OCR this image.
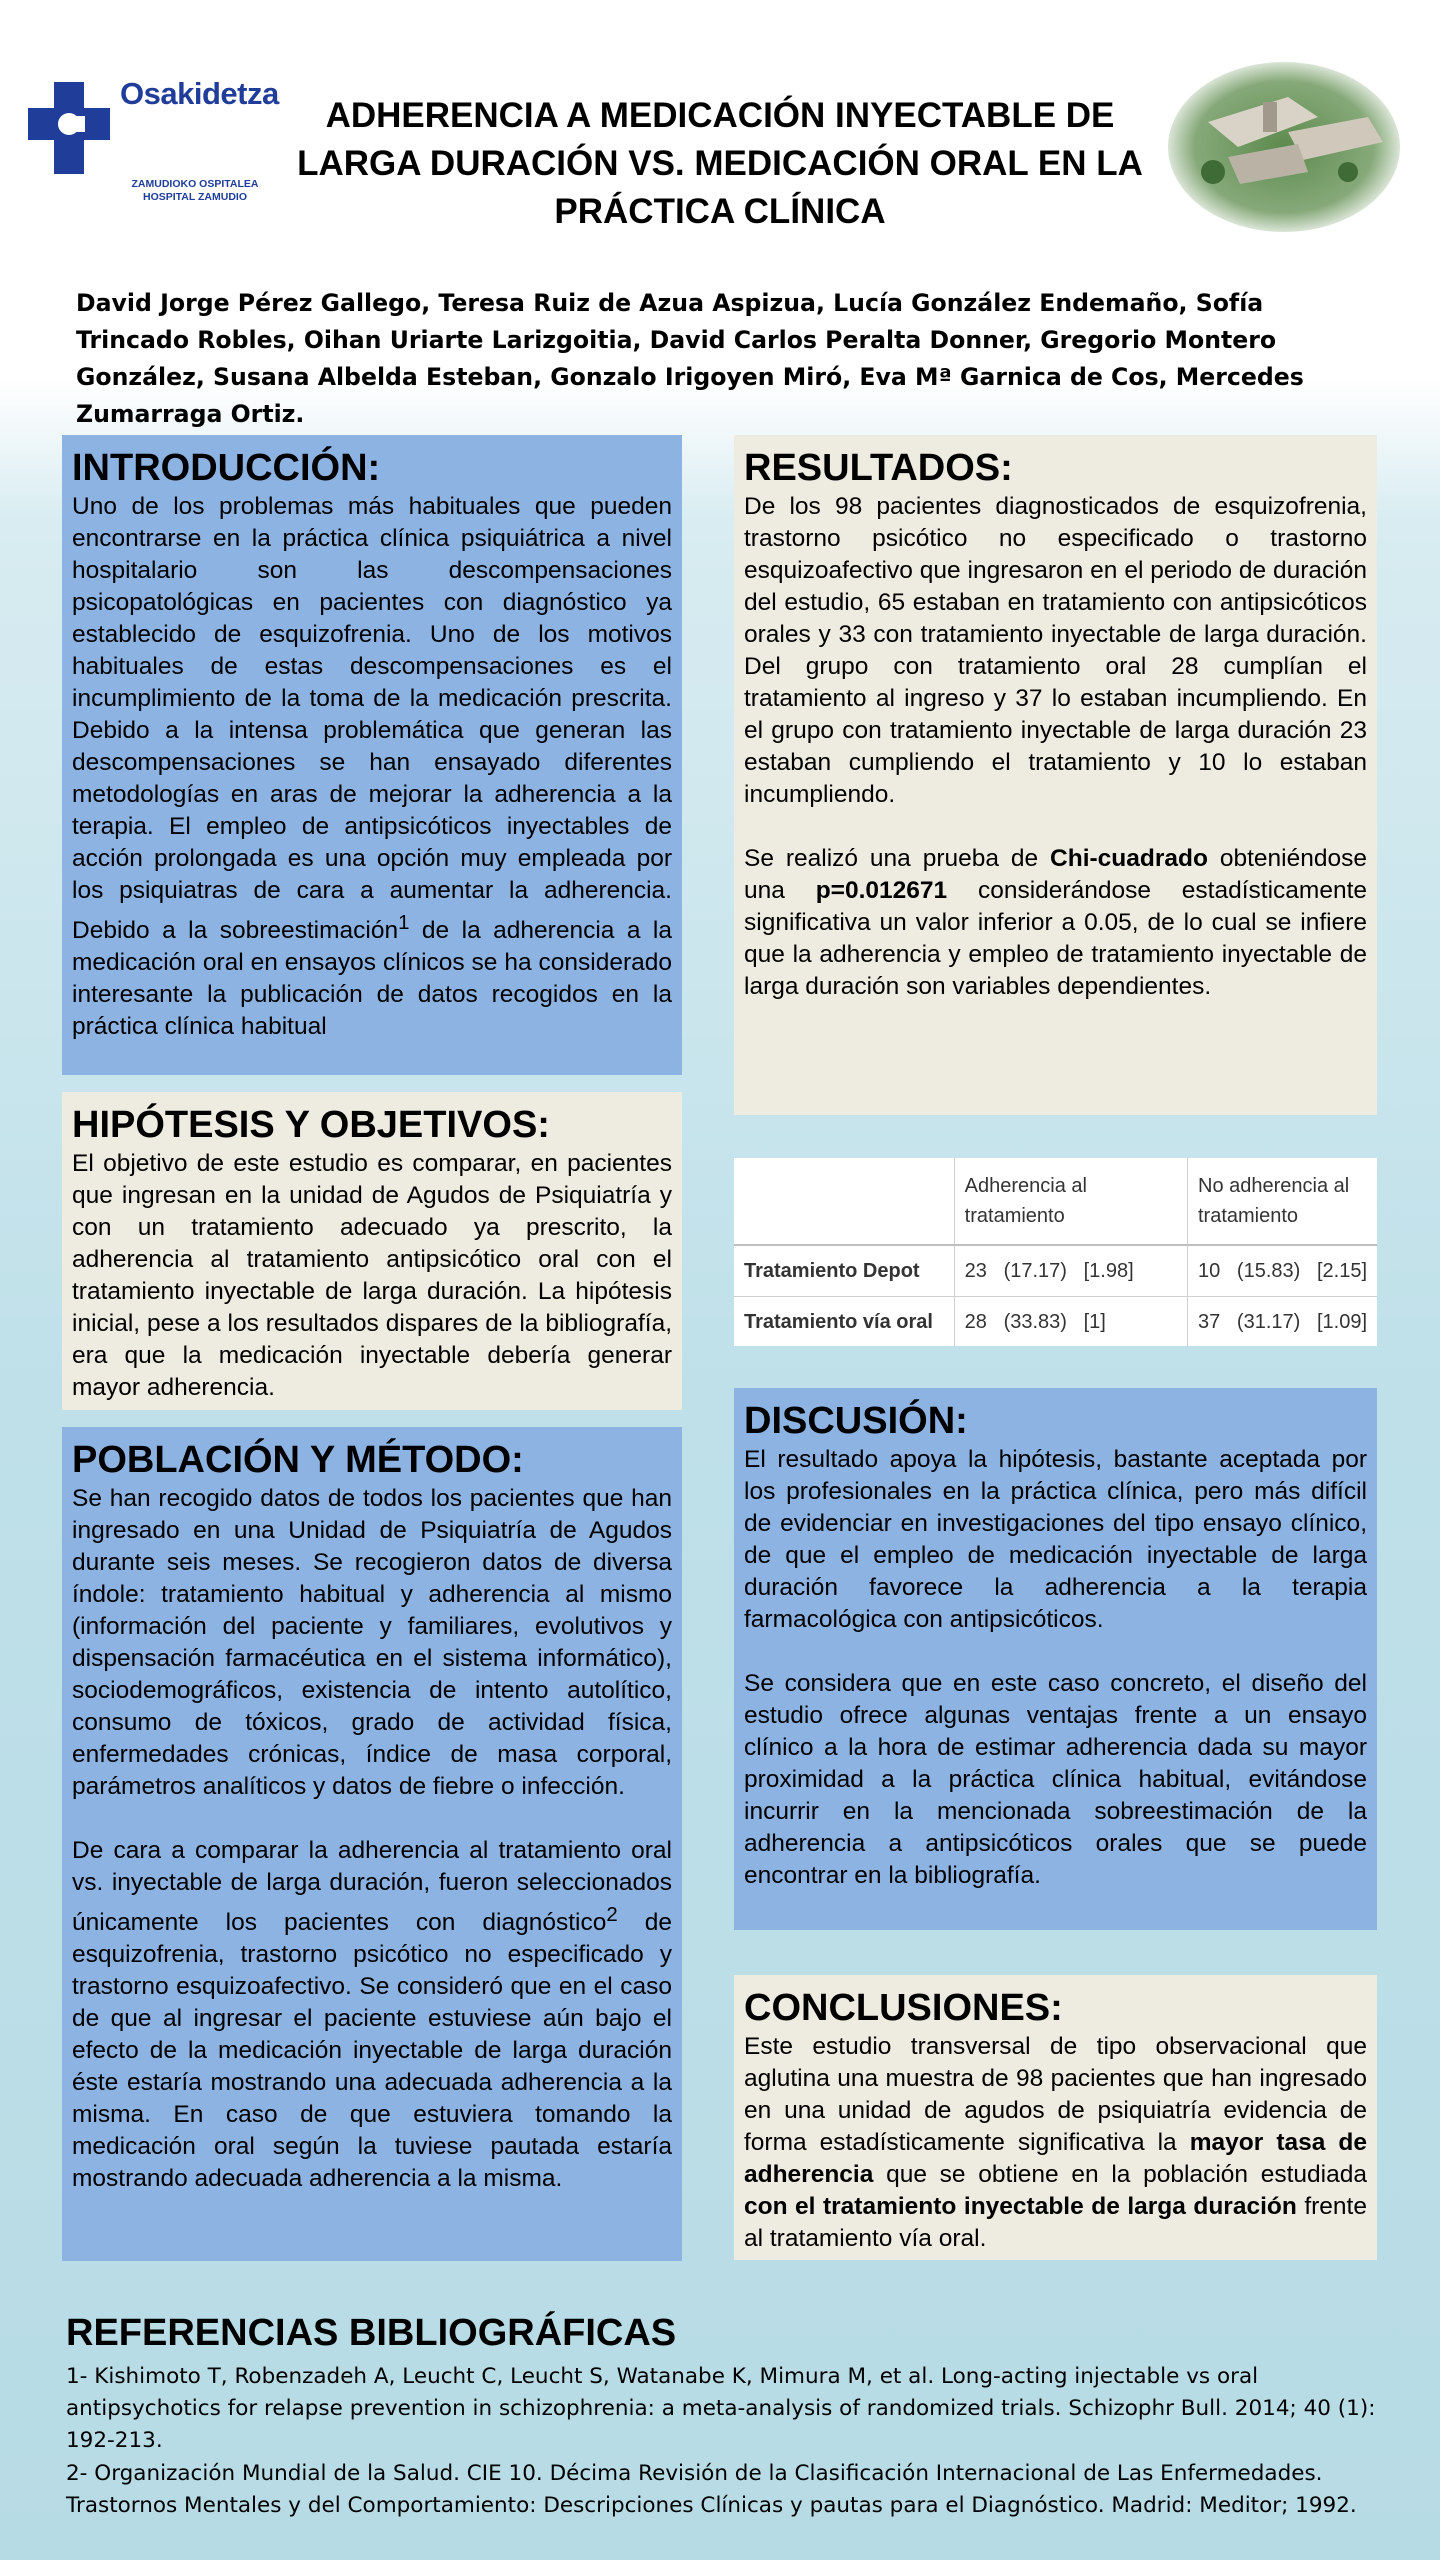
Osakidetza
ZAMUDIOKO OSPITALEA
HOSPITAL ZAMUDIO
ADHERENCIA A MEDICACIÓN INYECTABLE DE LARGA DURACIÓN VS. MEDICACIÓN ORAL EN LA PRÁCTICA CLÍNICA

David Jorge Pérez Gallego, Teresa Ruiz de Azua Aspizua, Lucía González Endemaño, Sofía Trincado Robles, Oihan Uriarte Larizgoitia, David Carlos Peralta Donner, Gregorio Montero González, Susana Albelda Esteban, Gonzalo Irigoyen Miró, Eva Mª Garnica de Cos, Mercedes Zumarraga Ortiz.

INTRODUCCIÓN:

Uno de los problemas más habituales que pueden encontrarse en la práctica clínica psiquiátrica a nivel hospitalario son las descompensaciones psicopatológicas en pacientes con diagnóstico ya establecido de esquizofrenia. Uno de los motivos habituales de estas descompensaciones es el incumplimiento de la toma de la medicación prescrita. Debido a la intensa problemática que generan las descompensaciones se han ensayado diferentes metodologías en aras de mejorar la adherencia a la terapia. El empleo de antipsicóticos inyectables de acción prolongada es una opción muy empleada por los psiquiatras de cara a aumentar la adherencia. Debido a la sobreestimación$^1$ de la adherencia a la medicación oral en ensayos clínicos se ha considerado interesante la publicación de datos recogidos en la práctica clínica habitual

HIPÓTESIS Y OBJETIVOS:

El objetivo de este estudio es comparar, en pacientes que ingresan en la unidad de Agudos de Psiquiatría y con un tratamiento adecuado ya prescrito, la adherencia al tratamiento antipsicótico oral con el tratamiento inyectable de larga duración. La hipótesis inicial, pese a los resultados dispares de la bibliografía, era que la medicación inyectable debería generar mayor adherencia.

POBLACIÓN Y MÉTODO:

Se han recogido datos de todos los pacientes que han ingresado en una Unidad de Psiquiatría de Agudos durante seis meses. Se recogieron datos de diversa índole: tratamiento habitual y adherencia al mismo (información del paciente y familiares, evolutivos y dispensación farmacéutica en el sistema informático), sociodemográficos, existencia de intento autolítico, consumo de tóxicos, grado de actividad física, enfermedades crónicas, índice de masa corporal, parámetros analíticos y datos de fiebre o infección.

De cara a comparar la adherencia al tratamiento oral vs. inyectable de larga duración, fueron seleccionados únicamente los pacientes con diagnóstico$^2$ de esquizofrenia, trastorno psicótico no especificado y trastorno esquizoafectivo. Se consideró que en el caso de que al ingresar el paciente estuviese aún bajo el efecto de la medicación inyectable de larga duración éste estaría mostrando una adecuada adherencia a la misma. En caso de que estuviera tomando la medicación oral según la tuviese pautada estaría mostrando adecuada adherencia a la misma.

RESULTADOS:

De los 98 pacientes diagnosticados de esquizofrenia, trastorno psicótico no especificado o trastorno esquizoafectivo que ingresaron en el periodo de duración del estudio, 65 estaban en tratamiento con antipsicóticos orales y 33 con tratamiento inyectable de larga duración. Del grupo con tratamiento oral 28 cumplían el tratamiento al ingreso y 37 lo estaban incumpliendo. En el grupo con tratamiento inyectable de larga duración 23 estaban cumpliendo el tratamiento y 10 lo estaban incumpliendo.

Se realizó una prueba de Chi-cuadrado obteniéndose una p=0.012671 considerándose estadísticamente significativa un valor inferior a 0.05, de lo cual se infiere que la adherencia y empleo de tratamiento inyectable de larga duración son variables dependientes.

	Adherencia al tratamiento	No adherencia al tratamiento
Tratamiento Depot	23   (17.17)   [1.98]	10   (15.83)   [2.15]
Tratamiento vía oral	28   (33.83)   [1]	37   (31.17)   [1.09]
DISCUSIÓN:

El resultado apoya la hipótesis, bastante aceptada por los profesionales en la práctica clínica, pero más difícil de evidenciar en investigaciones del tipo ensayo clínico, de que el empleo de medicación inyectable de larga duración favorece la adherencia a la terapia farmacológica con antipsicóticos.

Se considera que en este caso concreto, el diseño del estudio ofrece algunas ventajas frente a un ensayo clínico a la hora de estimar adherencia dada su mayor proximidad a la práctica clínica habitual, evitándose incurrir en la mencionada sobreestimación de la adherencia a antipsicóticos orales que se puede encontrar en la bibliografía.

CONCLUSIONES:

Este estudio transversal de tipo observacional que aglutina una muestra de 98 pacientes que han ingresado en una unidad de agudos de psiquiatría evidencia de forma estadísticamente significativa la mayor tasa de adherencia que se obtiene en la población estudiada con el tratamiento inyectable de larga duración frente al tratamiento vía oral.

REFERENCIAS BIBLIOGRÁFICAS

1- Kishimoto T, Robenzadeh A, Leucht C, Leucht S, Watanabe K, Mimura M, et al. Long-acting injectable vs oral antipsychotics for relapse prevention in schizophrenia: a meta-analysis of randomized trials. Schizophr Bull. 2014; 40 (1): 192-213.

2- Organización Mundial de la Salud. CIE 10. Décima Revisión de la Clasificación Internacional de Las Enfermedades. Trastornos Mentales y del Comportamiento: Descripciones Clínicas y pautas para el Diagnóstico. Madrid: Meditor; 1992.
